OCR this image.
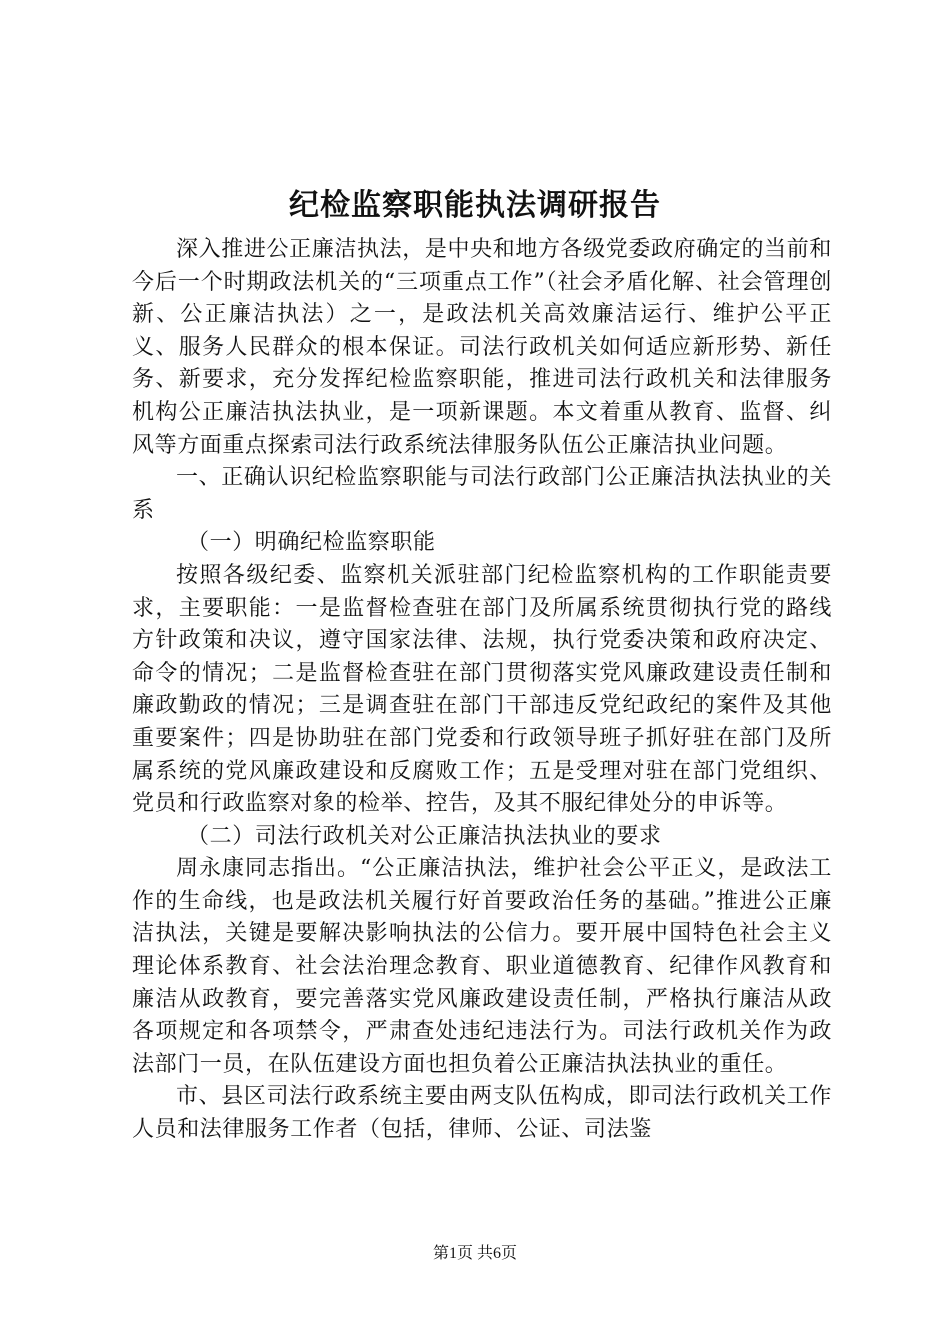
纪检监察职能执法调研报告

深入推进公正廉洁执法，是中央和地方各级党委政府确定的当前和今后一个时期政法机关的“三项重点工作”（社会矛盾化解、社会管理创新、公正廉洁执法）之一，是政法机关高效廉洁运行、维护公平正义、服务人民群众的根本保证。司法行政机关如何适应新形势、新任务、新要求，充分发挥纪检监察职能，推进司法行政机关和法律服务机构公正廉洁执法执业，是一项新课题。本文着重从教育、监督、纠风等方面重点探索司法行政系统法律服务队伍公正廉洁执业问题。

一、正确认识纪检监察职能与司法行政部门公正廉洁执法执业的关系

（一）明确纪检监察职能

按照各级纪委、监察机关派驻部门纪检监察机构的工作职能责要求，主要职能：一是监督检查驻在部门及所属系统贯彻执行党的路线方针政策和决议，遵守国家法律、法规，执行党委决策和政府决定、命令的情况；二是监督检查驻在部门贯彻落实党风廉政建设责任制和廉政勤政的情况；三是调查驻在部门干部违反党纪政纪的案件及其他重要案件；四是协助驻在部门党委和行政领导班子抓好驻在部门及所属系统的党风廉政建设和反腐败工作；五是受理对驻在部门党组织、党员和行政监察对象的检举、控告，及其不服纪律处分的申诉等。

（二）司法行政机关对公正廉洁执法执业的要求

周永康同志指出。“公正廉洁执法，维护社会公平正义，是政法工作的生命线，也是政法机关履行好首要政治任务的基础。”推进公正廉洁执法，关键是要解决影响执法的公信力。要开展中国特色社会主义理论体系教育、社会法治理念教育、职业道德教育、纪律作风教育和廉洁从政教育，要完善落实党风廉政建设责任制，严格执行廉洁从政各项规定和各项禁令，严肃查处违纪违法行为。司法行政机关作为政法部门一员，在队伍建设方面也担负着公正廉洁执法执业的重任。

市、县区司法行政系统主要由两支队伍构成，即司法行政机关工作人员和法律服务工作者（包括，律师、公证、司法鉴

第1页 共6页
